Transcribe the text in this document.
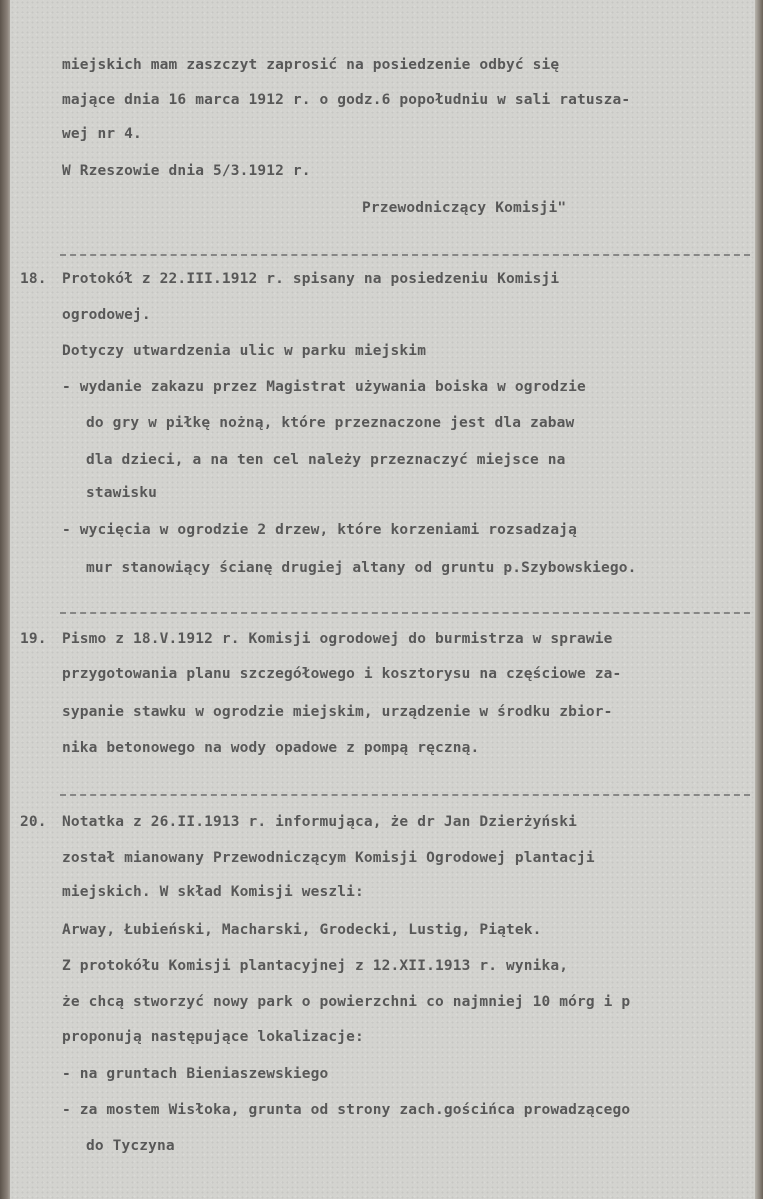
miejskich mam zaszczyt zaprosić na posiedzenie odbyć się
mające dnia 16 marca 1912 r. o godz.6 popołudniu w sali ratusza-
wej nr 4.
W Rzeszowie dnia 5/3.1912 r.
Przewodniczący Komisji"
18. Protokół z 22.III.1912 r. spisany na posiedzeniu Komisji
ogrodowej.
Dotyczy utwardzenia ulic w parku miejskim
- wydanie zakazu przez Magistrat używania boiska w ogrodzie
do gry w piłkę nożną, które przeznaczone jest dla zabaw
dla dzieci, a na ten cel należy przeznaczyć miejsce na
stawisku
- wycięcia w ogrodzie 2 drzew, które korzeniami rozsadzają
mur stanowiący ścianę drugiej altany od gruntu p.Szybowskiego.
19. Pismo z 18.V.1912 r. Komisji ogrodowej do burmistrza w sprawie
przygotowania planu szczegółowego i kosztorysu na częściowe za-
sypanie stawku w ogrodzie miejskim, urządzenie w środku zbior-
nika betonowego na wody opadowe z pompą ręczną.
20. Notatka z 26.II.1913 r. informująca, że dr Jan Dzierżyński
został mianowany Przewodniczącym Komisji Ogrodowej plantacji
miejskich. W skład Komisji weszli:
Arway, Łubieński, Macharski, Grodecki, Lustig, Piątek.
Z protokółu Komisji plantacyjnej z 12.XII.1913 r. wynika,
że chcą stworzyć nowy park o powierzchni co najmniej 10 mórg i p
proponują następujące lokalizacje:
- na gruntach Bieniaszewskiego
- za mostem Wisłoka, grunta od strony zach.gościńca prowadzącego
do Tyczyna
